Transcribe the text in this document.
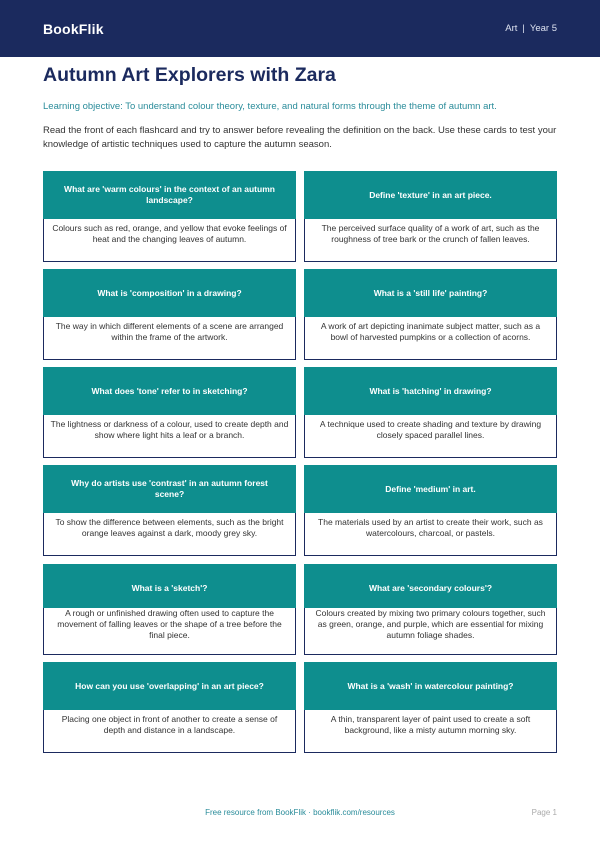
BookFlik	Art | Year 5
Autumn Art Explorers with Zara

Learning objective: To understand colour theory, texture, and natural forms through the theme of autumn art.

Read the front of each flashcard and try to answer before revealing the definition on the back. Use these cards to test your knowledge of artistic techniques used to capture the autumn season.

What are 'warm colours' in the context of an autumn landscape?
Colours such as red, orange, and yellow that evoke feelings of heat and the changing leaves of autumn.
Define 'texture' in an art piece.
The perceived surface quality of a work of art, such as the roughness of tree bark or the crunch of fallen leaves.
What is 'composition' in a drawing?
The way in which different elements of a scene are arranged within the frame of the artwork.
What is a 'still life' painting?
A work of art depicting inanimate subject matter, such as a bowl of harvested pumpkins or a collection of acorns.
What does 'tone' refer to in sketching?
The lightness or darkness of a colour, used to create depth and show where light hits a leaf or a branch.
What is 'hatching' in drawing?
A technique used to create shading and texture by drawing closely spaced parallel lines.
Why do artists use 'contrast' in an autumn forest scene?
To show the difference between elements, such as the bright orange leaves against a dark, moody grey sky.
Define 'medium' in art.
The materials used by an artist to create their work, such as watercolours, charcoal, or pastels.
What is a 'sketch'?
A rough or unfinished drawing often used to capture the movement of falling leaves or the shape of a tree before the final piece.
What are 'secondary colours'?
Colours created by mixing two primary colours together, such as green, orange, and purple, which are essential for mixing autumn foliage shades.
How can you use 'overlapping' in an art piece?
Placing one object in front of another to create a sense of depth and distance in a landscape.
What is a 'wash' in watercolour painting?
A thin, transparent layer of paint used to create a soft background, like a misty autumn morning sky.
Free resource from BookFlik · bookflik.com/resources	Page 1
